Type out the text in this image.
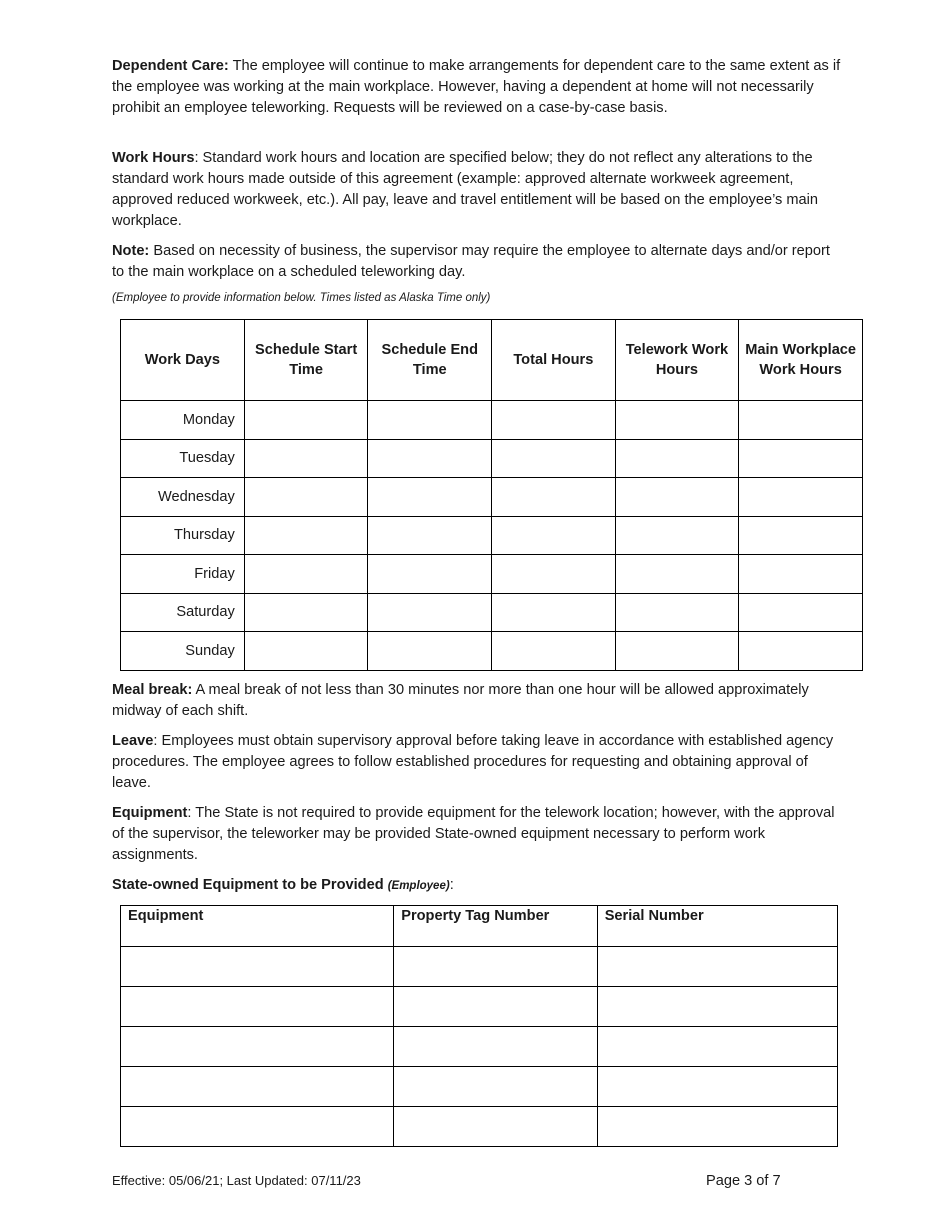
Dependent Care: The employee will continue to make arrangements for dependent care to the same extent as if the employee was working at the main workplace. However, having a dependent at home will not necessarily prohibit an employee teleworking. Requests will be reviewed on a case-by-case basis.

Work Hours: Standard work hours and location are specified below; they do not reflect any alterations to the standard work hours made outside of this agreement (example: approved alternate workweek agreement, approved reduced workweek, etc.). All pay, leave and travel entitlement will be based on the employee’s main workplace.

Note: Based on necessity of business, the supervisor may require the employee to alternate days and/or report to the main workplace on a scheduled teleworking day.

(Employee to provide information below. Times listed as Alaska Time only)
Work Days	Schedule Start Time	Schedule End Time	Total Hours	Telework Work Hours	Main Workplace Work Hours
Monday					
Tuesday					
Wednesday					
Thursday					
Friday					
Saturday					
Sunday					

Meal break: A meal break of not less than 30 minutes nor more than one hour will be allowed approximately midway of each shift.

Leave: Employees must obtain supervisory approval before taking leave in accordance with established agency procedures. The employee agrees to follow established procedures for requesting and obtaining approval of leave.

Equipment: The State is not required to provide equipment for the telework location; however, with the approval of the supervisor, the teleworker may be provided State-owned equipment necessary to perform work assignments.

State-owned Equipment to be Provided (Employee):

Equipment	Property Tag Number	Serial Number

Effective: 05/06/21; Last Updated: 07/11/23	Page 3 of 7
